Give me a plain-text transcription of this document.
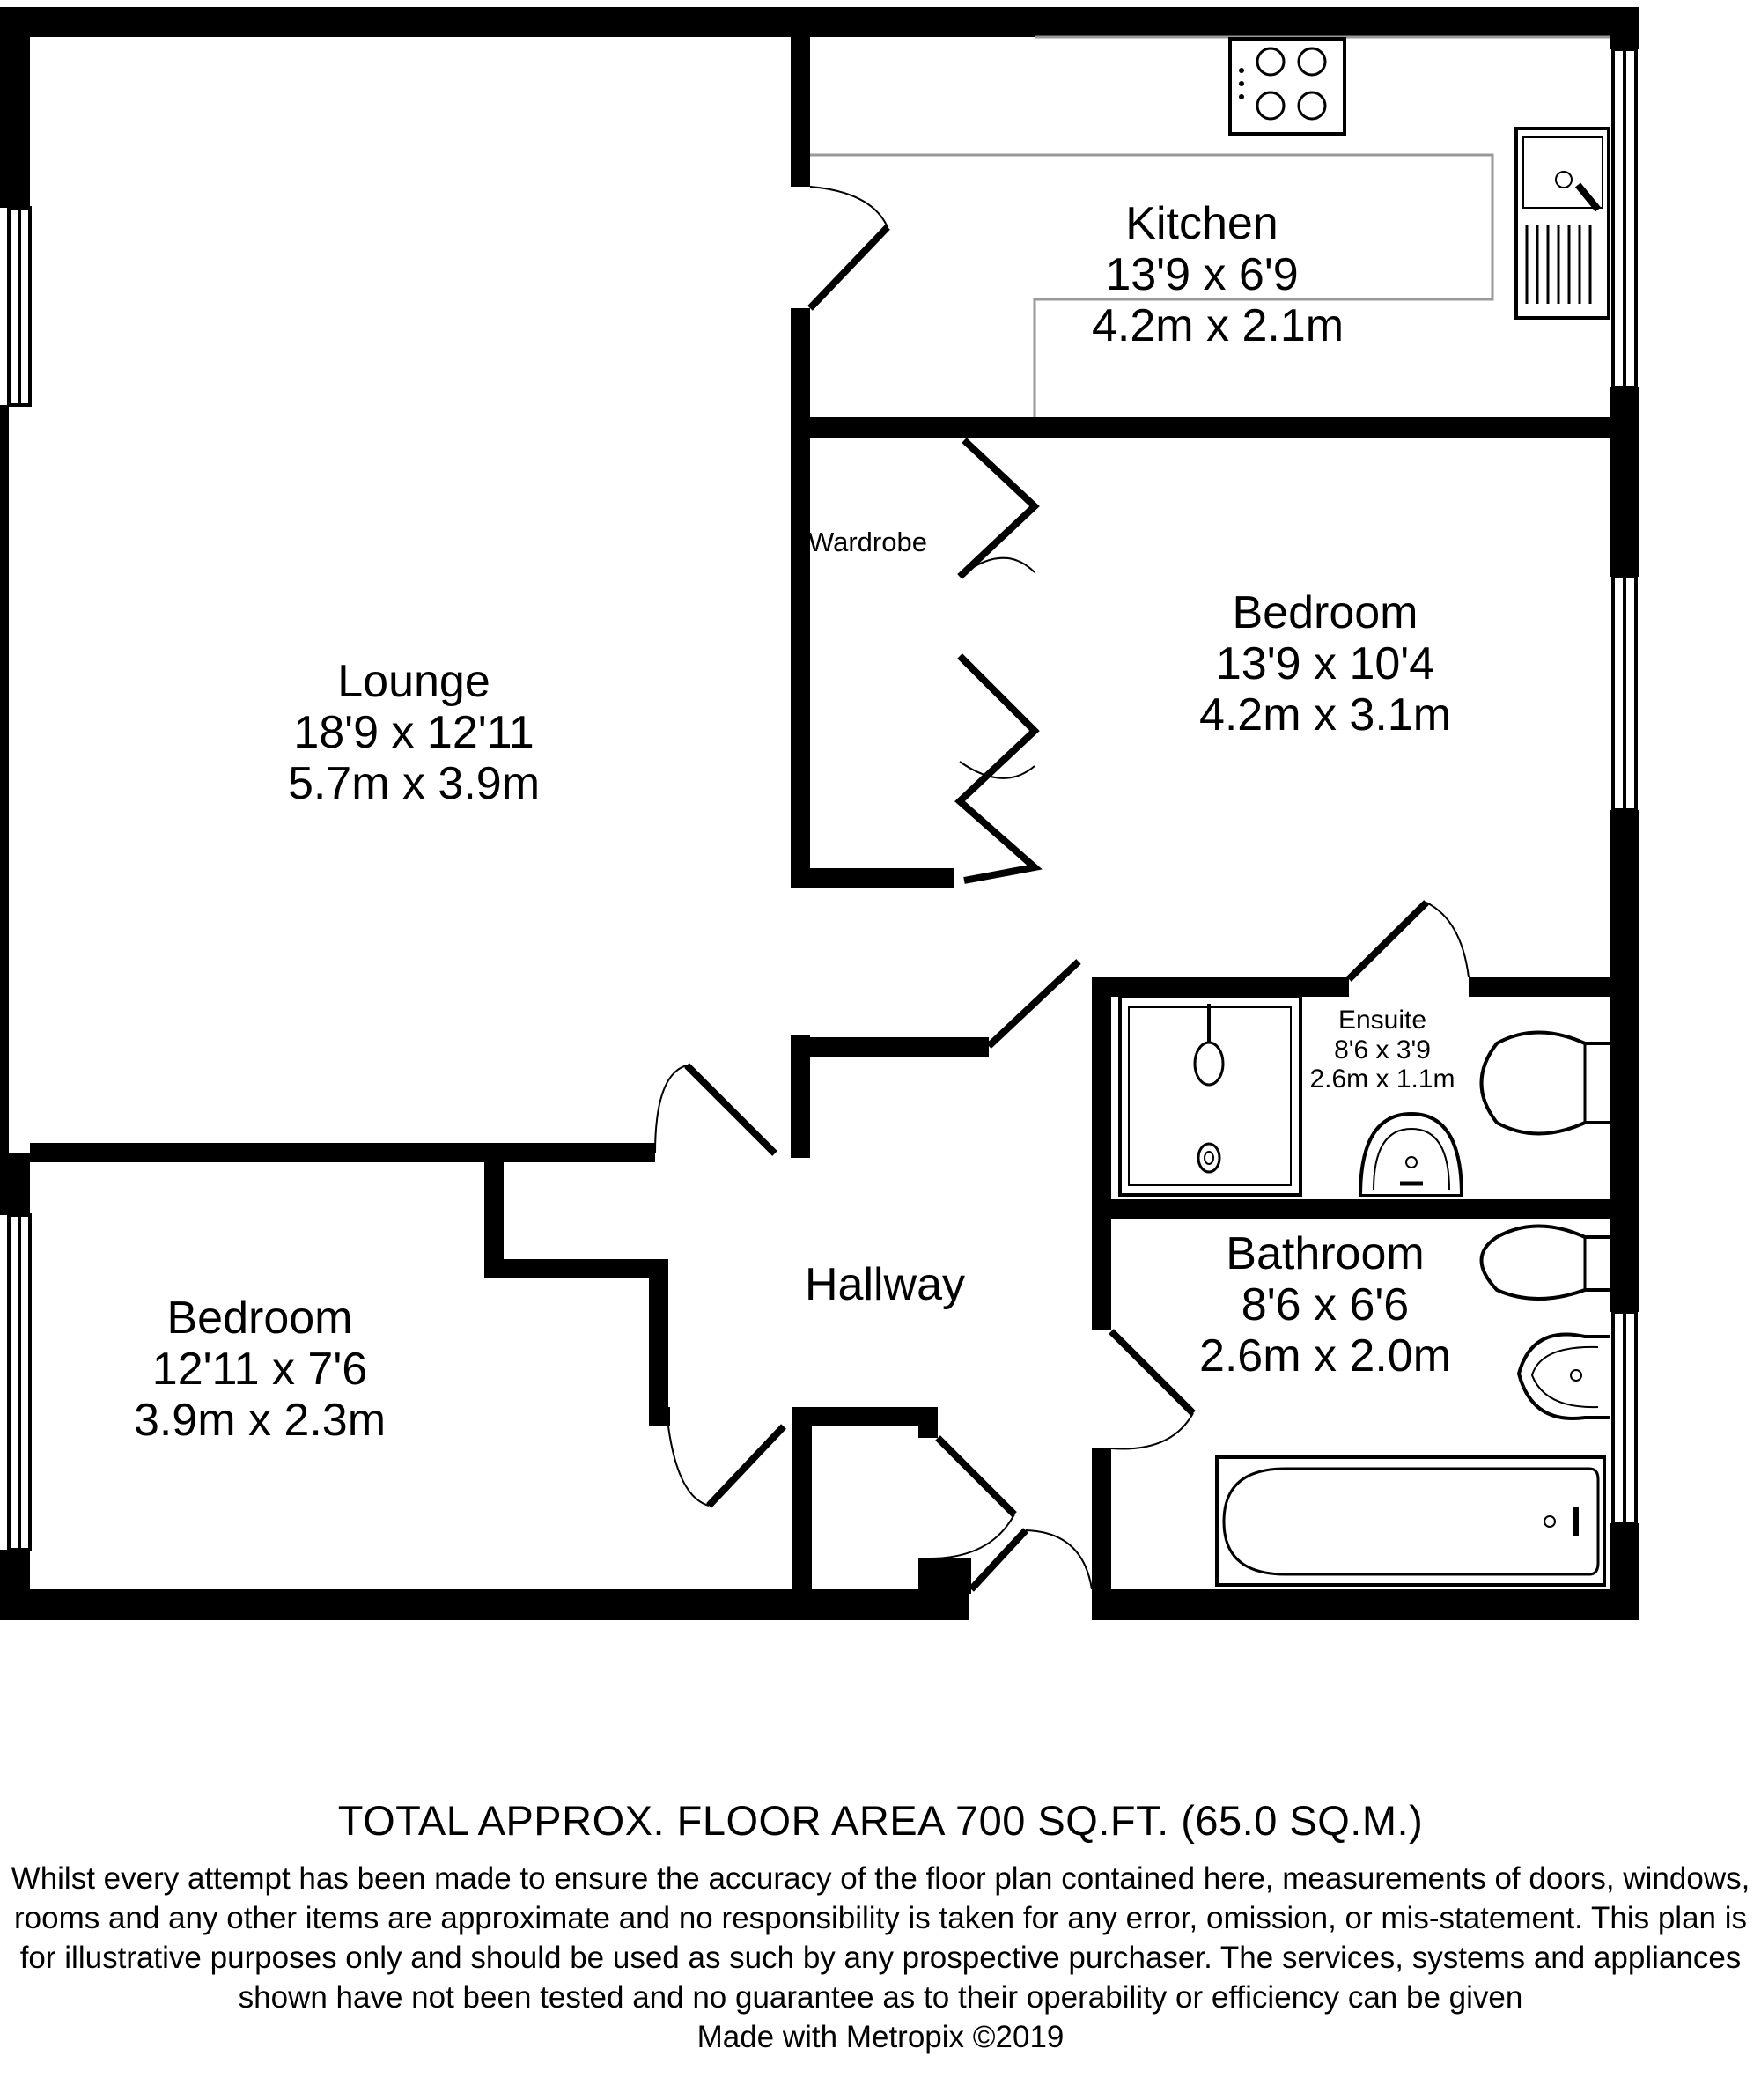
Kitchen
13'9 x 6'9
4.2m x 2.1m
Lounge
18'9 x 12'11
5.7m x 3.9m
Wardrobe
Bedroom
13'9 x 10'4
4.2m x 3.1m
Ensuite
8'6 x 3'9
2.6m x 1.1m
Bathroom
8'6 x 6'6
2.6m x 2.0m
Hallway
Bedroom
12'11 x 7'6
3.9m x 2.3m
TOTAL APPROX. FLOOR AREA 700 SQ.FT. (65.0 SQ.M.)
Whilst every attempt has been made to ensure the accuracy of the floor plan contained here, measurements of doors, windows, rooms and any other items are approximate and no responsibility is taken for any error, omission, or mis-statement. This plan is for illustrative purposes only and should be used as such by any prospective purchaser. The services, systems and appliances shown have not been tested and no guarantee as to their operability or efficiency can be given
Made with Metropix ©2019
